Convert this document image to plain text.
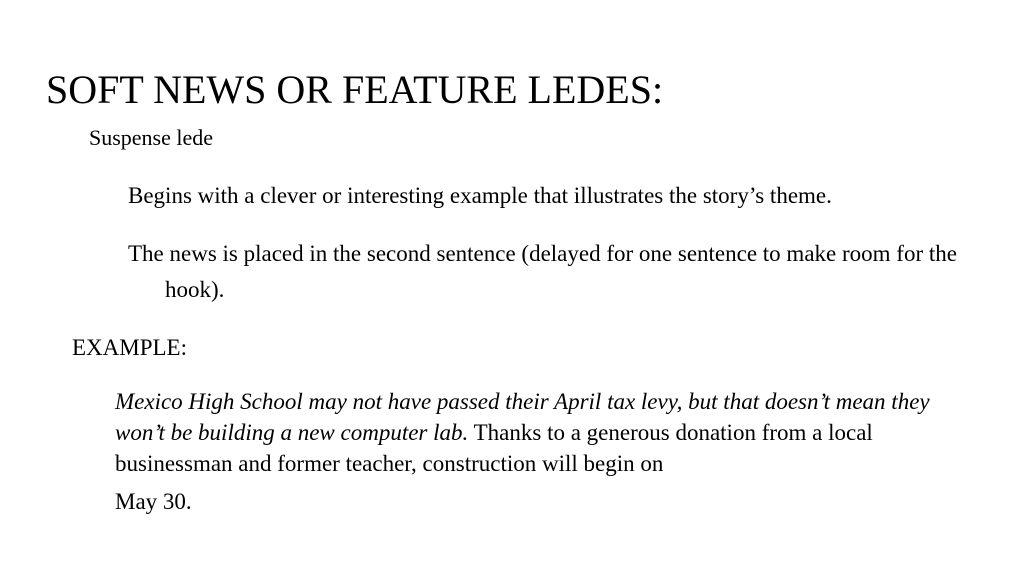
SOFT NEWS OR FEATURE LEDES:
Suspense lede
Begins with a clever or interesting example that illustrates the story’s theme.
The news is placed in the second sentence (delayed for one sentence to make room for the hook).
EXAMPLE:
Mexico High School may not have passed their April tax levy, but that doesn’t mean they won’t be building a new computer lab. Thanks to a generous donation from a local businessman and former teacher, construction will begin on
May 30.
